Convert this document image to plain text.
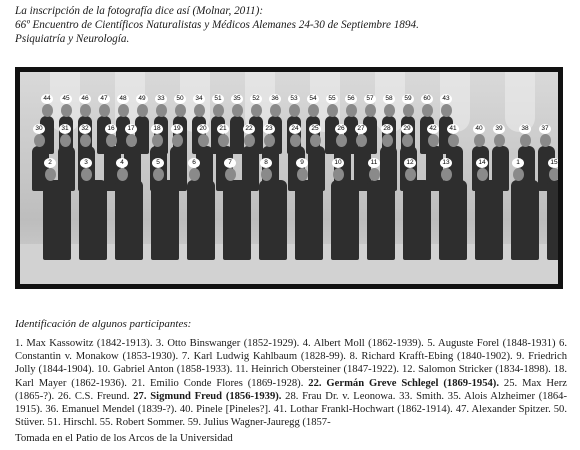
La inscripción de la fotografía dice así (Molnar, 2011):
66º Encuentro de Científicos Naturalistas y Médicos Alemanes 24-30 de Septiembre 1894.
Psiquiatría y Neurología.
44	45	46	47	48	49	33	50	34	51	35	52	36	53	54	55	56	57	58	59	60	43
30	31	32	16	17	18	19	20	21	22	23	24	25	26	27	28	29	42	41	40	39	38	37
2	3	4	5	6	7	8	9	10	11	12	13	14	1	15
Identificación de algunos participantes:
1. Max Kassowitz (1842-1913). 3. Otto Binswanger (1852-1929). 4. Albert Moll (1862-1939). 5. Auguste Forel (1848-1931) 6. Constantin v. Monakow (1853-1930). 7. Karl Ludwig Kahlbaum (1828-99). 8. Richard Krafft-Ebing (1840-1902). 9. Friedrich Jolly (1844-1904). 10. Gabriel Anton (1858-1933). 11. Heinrich Obersteiner (1847-1922). 12. Salomon Stricker (1834-1898). 18. Karl Mayer (1862-1936). 21. Emilio Conde Flores (1869-1928). 22. Germán Greve Schlegel (1869-1954). 25. Max Herz (1865-?). 26. C.S. Freund. 27. Sigmund Freud (1856-1939). 28. Frau Dr. v. Leonowa. 33. Smith. 35. Alois Alzheimer (1864-1915). 36. Emanuel Mendel (1839-?). 40. Pinele [Pineles?]. 41. Lothar Frankl-Hochwart (1862-1914). 47. Alexander Spitzer. 50. Stüver. 51. Hirschl. 55. Robert Sommer. 59. Julius Wagner-Jauregg (1857-
Tomada en el Patio de los Arcos de la Universidad
